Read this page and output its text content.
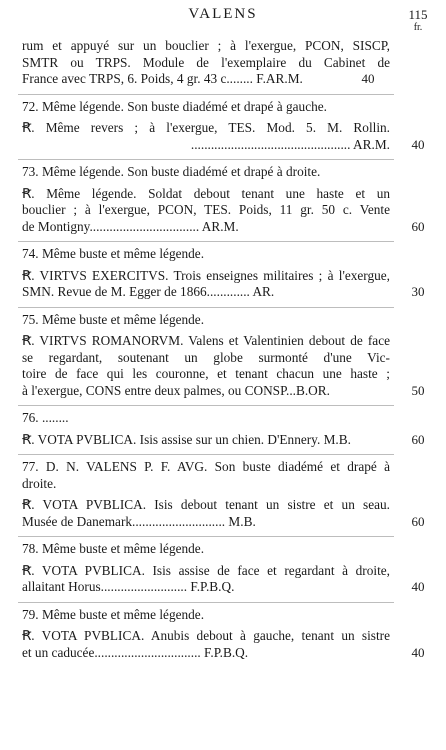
VALENS	115
fr.
rum et appuyé sur un bouclier ; à l'exergue, PCON, SISCP,
SMTR ou TRPS. Module de l'exemplaire du Cabinet de
France avec TRPS, 6. Poids, 4 gr. 43 c........ F.AR.M.	40
72. Même légende. Son buste diadémé et drapé à gauche.
Ꞧ. Même revers ; à l'exergue, TES. Mod. 5. M. Rollin.
................................................ AR.M.	40
73. Même légende. Son buste diadémé et drapé à droite.
Ꞧ. Même légende. Soldat debout tenant une haste et un
bouclier ; à l'exergue, PCON, TES. Poids, 11 gr. 50 c. Vente
de Montigny................................. AR.M.	60
74. Même buste et même légende.
Ꞧ. VIRTVS EXERCITVS. Trois enseignes militaires ; à l'exergue,
SMN. Revue de M. Egger de 1866............. AR.	30
75. Même buste et même légende.
Ꞧ. VIRTVS ROMANORVM. Valens et Valentinien debout de face
se regardant, soutenant un globe surmonté d'une Vic-
toire de face qui les couronne, et tenant chacun une haste ;
à l'exergue, CONS entre deux palmes, ou CONSP...B.OR.	50
76. ........
Ꞧ. VOTA PVBLICA. Isis assise sur un chien. D'Ennery. M.B.	60
77. D. N. VALENS P. F. AVG. Son buste diadémé et drapé à
droite.
Ꞧ. VOTA PVBLICA. Isis debout tenant un sistre et un seau.
Musée de Danemark............................ M.B.	60
78. Même buste et même légende.
Ꞧ. VOTA PVBLICA. Isis assise de face et regardant à droite,
allaitant Horus.......................... F.P.B.Q.	40
79. Même buste et même légende.
Ꞧ. VOTA PVBLICA. Anubis debout à gauche, tenant un sistre
et un caducée................................ F.P.B.Q.	40
